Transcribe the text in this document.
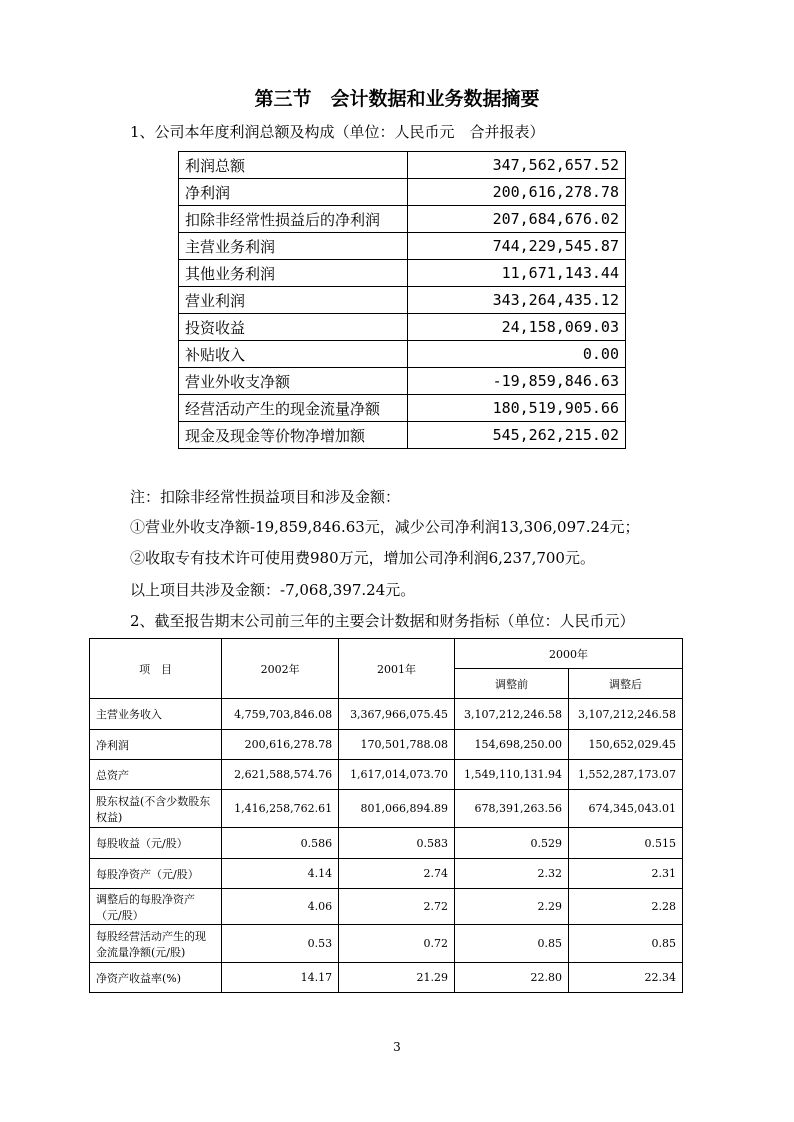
第三节　会计数据和业务数据摘要
1、公司本年度利润总额及构成（单位：人民币元　合并报表）
利润总额	347,562,657.52
净利润	200,616,278.78
扣除非经常性损益后的净利润	207,684,676.02
主营业务利润	744,229,545.87
其他业务利润	11,671,143.44
营业利润	343,264,435.12
投资收益	24,158,069.03
补贴收入	0.00
营业外收支净额	-19,859,846.63
经营活动产生的现金流量净额	180,519,905.66
现金及现金等价物净增加额	545,262,215.02
注：扣除非经常性损益项目和涉及金额：
①营业外收支净额-19,859,846.63元，减少公司净利润13,306,097.24元；
②收取专有技术许可使用费980万元，增加公司净利润6,237,700元。
以上项目共涉及金额：-7,068,397.24元。
2、截至报告期末公司前三年的主要会计数据和财务指标（单位：人民币元）
项　目	2002年	2001年	2000年	
			调整前	调整后
主营业务收入	4,759,703,846.08	3,367,966,075.45	3,107,212,246.58	3,107,212,246.58
净利润	200,616,278.78	170,501,788.08	154,698,250.00	150,652,029.45
总资产	2,621,588,574.76	1,617,014,073.70	1,549,110,131.94	1,552,287,173.07
股东权益(不含少数股东权益)	1,416,258,762.61	801,066,894.89	678,391,263.56	674,345,043.01
每股收益（元/股）	0.586	0.583	0.529	0.515
每股净资产（元/股）	4.14	2.74	2.32	2.31
调整后的每股净资产（元/股）	4.06	2.72	2.29	2.28
每股经营活动产生的现金流量净额(元/股)	0.53	0.72	0.85	0.85
净资产收益率(%)	14.17	21.29	22.80	22.34
3
